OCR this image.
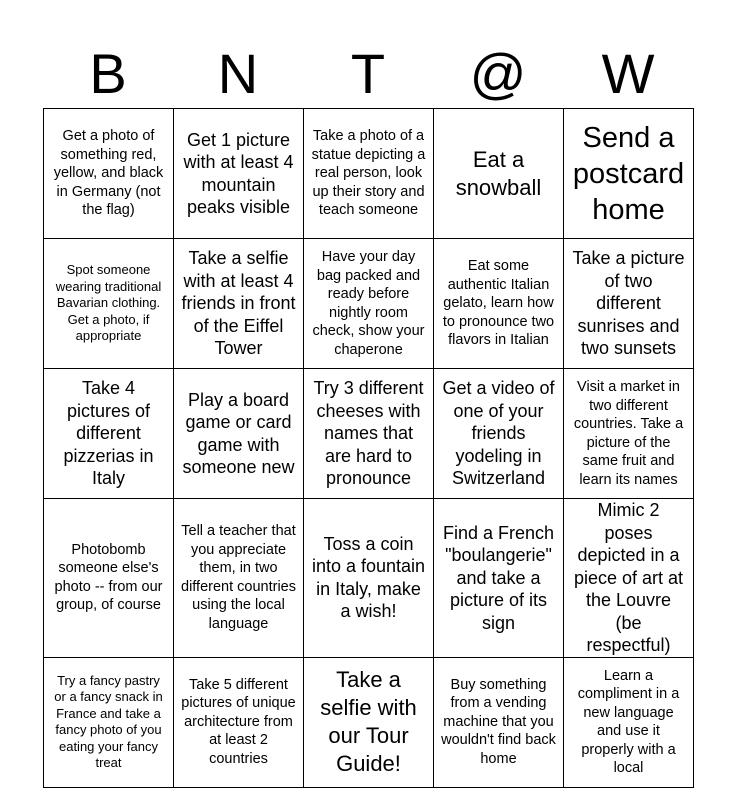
B	N	T	@	W
Get a photo of something red, yellow, and black in Germany (not the flag)	Get 1 picture with at least 4 mountain peaks visible	Take a photo of a statue depicting a real person, look up their story and teach someone	Eat a snowball	Send a postcard home
Spot someone wearing traditional Bavarian clothing. Get a photo, if appropriate	Take a selfie with at least 4 friends in front of the Eiffel Tower	Have your day bag packed and ready before nightly room check, show your chaperone	Eat some authentic Italian gelato, learn how to pronounce two flavors in Italian	Take a picture of two different sunrises and two sunsets
Take 4 pictures of different pizzerias in Italy	Play a board game or card game with someone new	Try 3 different cheeses with names that are hard to pronounce	Get a video of one of your friends yodeling in Switzerland	Visit a market in two different countries. Take a picture of the same fruit and learn its names
Photobomb someone else's photo -- from our group, of course	Tell a teacher that you appreciate them, in two different countries using the local language	Toss a coin into a fountain in Italy, make a wish!	Find a French "boulangerie" and take a picture of its sign	Mimic 2 poses depicted in a piece of art at the Louvre (be respectful)
Try a fancy pastry or a fancy snack in France and take a fancy photo of you eating your fancy treat	Take 5 different pictures of unique architecture from at least 2 countries	Take a selfie with our Tour Guide!	Buy something from a vending machine that you wouldn't find back home	Learn a compliment in a new language and use it properly with a local
